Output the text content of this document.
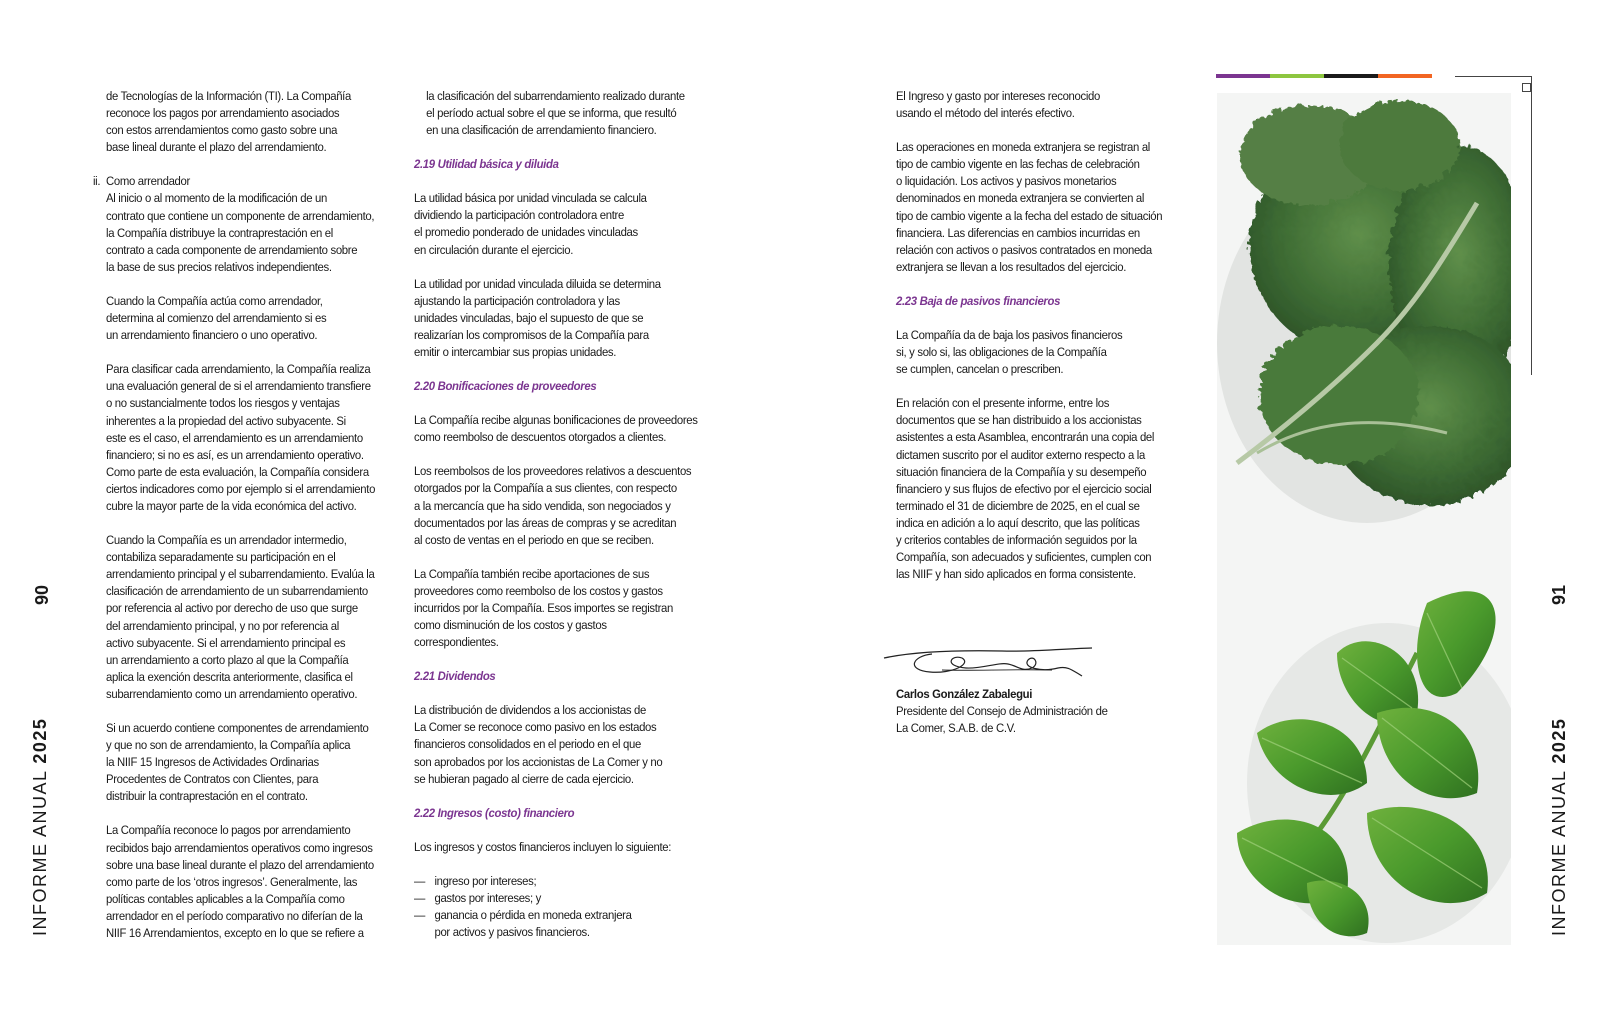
INFORME ANUAL 2025
90

de Tecnologías de la Información (TI). La Compañía
reconoce los pagos por arrendamiento asociados
con estos arrendamientos como gasto sobre una
base lineal durante el plazo del arrendamiento.

ii. Como arrendador

Al inicio o al momento de la modificación de un
contrato que contiene un componente de arrendamiento,
la Compañía distribuye la contraprestación en el
contrato a cada componente de arrendamiento sobre
la base de sus precios relativos independientes.

Cuando la Compañía actúa como arrendador,
determina al comienzo del arrendamiento si es
un arrendamiento financiero o uno operativo.

Para clasificar cada arrendamiento, la Compañía realiza
una evaluación general de si el arrendamiento transfiere
o no sustancialmente todos los riesgos y ventajas
inherentes a la propiedad del activo subyacente. Si
este es el caso, el arrendamiento es un arrendamiento
financiero; si no es así, es un arrendamiento operativo.
Como parte de esta evaluación, la Compañía considera
ciertos indicadores como por ejemplo si el arrendamiento
cubre la mayor parte de la vida económica del activo.

Cuando la Compañía es un arrendador intermedio,
contabiliza separadamente su participación en el
arrendamiento principal y el subarrendamiento. Evalúa la
clasificación de arrendamiento de un subarrendamiento
por referencia al activo por derecho de uso que surge
del arrendamiento principal, y no por referencia al
activo subyacente. Si el arrendamiento principal es
un arrendamiento a corto plazo al que la Compañía
aplica la exención descrita anteriormente, clasifica el
subarrendamiento como un arrendamiento operativo.

Si un acuerdo contiene componentes de arrendamiento
y que no son de arrendamiento, la Compañía aplica
la NIIF 15 Ingresos de Actividades Ordinarias
Procedentes de Contratos con Clientes, para
distribuir la contraprestación en el contrato.

La Compañía reconoce lo pagos por arrendamiento
recibidos bajo arrendamientos operativos como ingresos
sobre una base lineal durante el plazo del arrendamiento
como parte de los ‘otros ingresos’. Generalmente, las
políticas contables aplicables a la Compañía como
arrendador en el período comparativo no diferían de la
NIIF 16 Arrendamientos, excepto en lo que se refiere a

la clasificación del subarrendamiento realizado durante
el período actual sobre el que se informa, que resultó
en una clasificación de arrendamiento financiero.

2.19 Utilidad básica y diluida

La utilidad básica por unidad vinculada se calcula
dividiendo la participación controladora entre
el promedio ponderado de unidades vinculadas
en circulación durante el ejercicio.

La utilidad por unidad vinculada diluida se determina
ajustando la participación controladora y las
unidades vinculadas, bajo el supuesto de que se
realizarían los compromisos de la Compañía para
emitir o intercambiar sus propias unidades.

2.20 Bonificaciones de proveedores

La Compañía recibe algunas bonificaciones de proveedores
como reembolso de descuentos otorgados a clientes.

Los reembolsos de los proveedores relativos a descuentos
otorgados por la Compañía a sus clientes, con respecto
a la mercancía que ha sido vendida, son negociados y
documentados por las áreas de compras y se acreditan
al costo de ventas en el periodo en que se reciben.

La Compañía también recibe aportaciones de sus
proveedores como reembolso de los costos y gastos
incurridos por la Compañía. Esos importes se registran
como disminución de los costos y gastos
correspondientes.

2.21 Dividendos

La distribución de dividendos a los accionistas de
La Comer se reconoce como pasivo en los estados
financieros consolidados en el periodo en el que
son aprobados por los accionistas de La Comer y no
se hubieran pagado al cierre de cada ejercicio.

2.22 Ingresos (costo) financiero

Los ingresos y costos financieros incluyen lo siguiente:

— ingreso por intereses;
— gastos por intereses; y
— ganancia o pérdida en moneda extranjera
por activos y pasivos financieros.

El Ingreso y gasto por intereses reconocido
usando el método del interés efectivo.

Las operaciones en moneda extranjera se registran al
tipo de cambio vigente en las fechas de celebración
o liquidación. Los activos y pasivos monetarios
denominados en moneda extranjera se convierten al
tipo de cambio vigente a la fecha del estado de situación
financiera. Las diferencias en cambios incurridas en
relación con activos o pasivos contratados en moneda
extranjera se llevan a los resultados del ejercicio.

2.23 Baja de pasivos financieros

La Compañía da de baja los pasivos financieros
si, y solo si, las obligaciones de la Compañía
se cumplen, cancelan o prescriben.

En relación con el presente informe, entre los
documentos que se han distribuido a los accionistas
asistentes a esta Asamblea, encontrarán una copia del
dictamen suscrito por el auditor externo respecto a la
situación financiera de la Compañía y su desempeño
financiero y sus flujos de efectivo por el ejercicio social
terminado el 31 de diciembre de 2025, en el cual se
indica en adición a lo aquí descrito, que las políticas
y criterios contables de información seguidos por la
Compañía, son adecuados y suficientes, cumplen con
las NIIF y han sido aplicados en forma consistente.

Carlos González Zabalegui

Presidente del Consejo de Administración de
La Comer, S.A.B. de C.V.

INFORME ANUAL 2025
91
